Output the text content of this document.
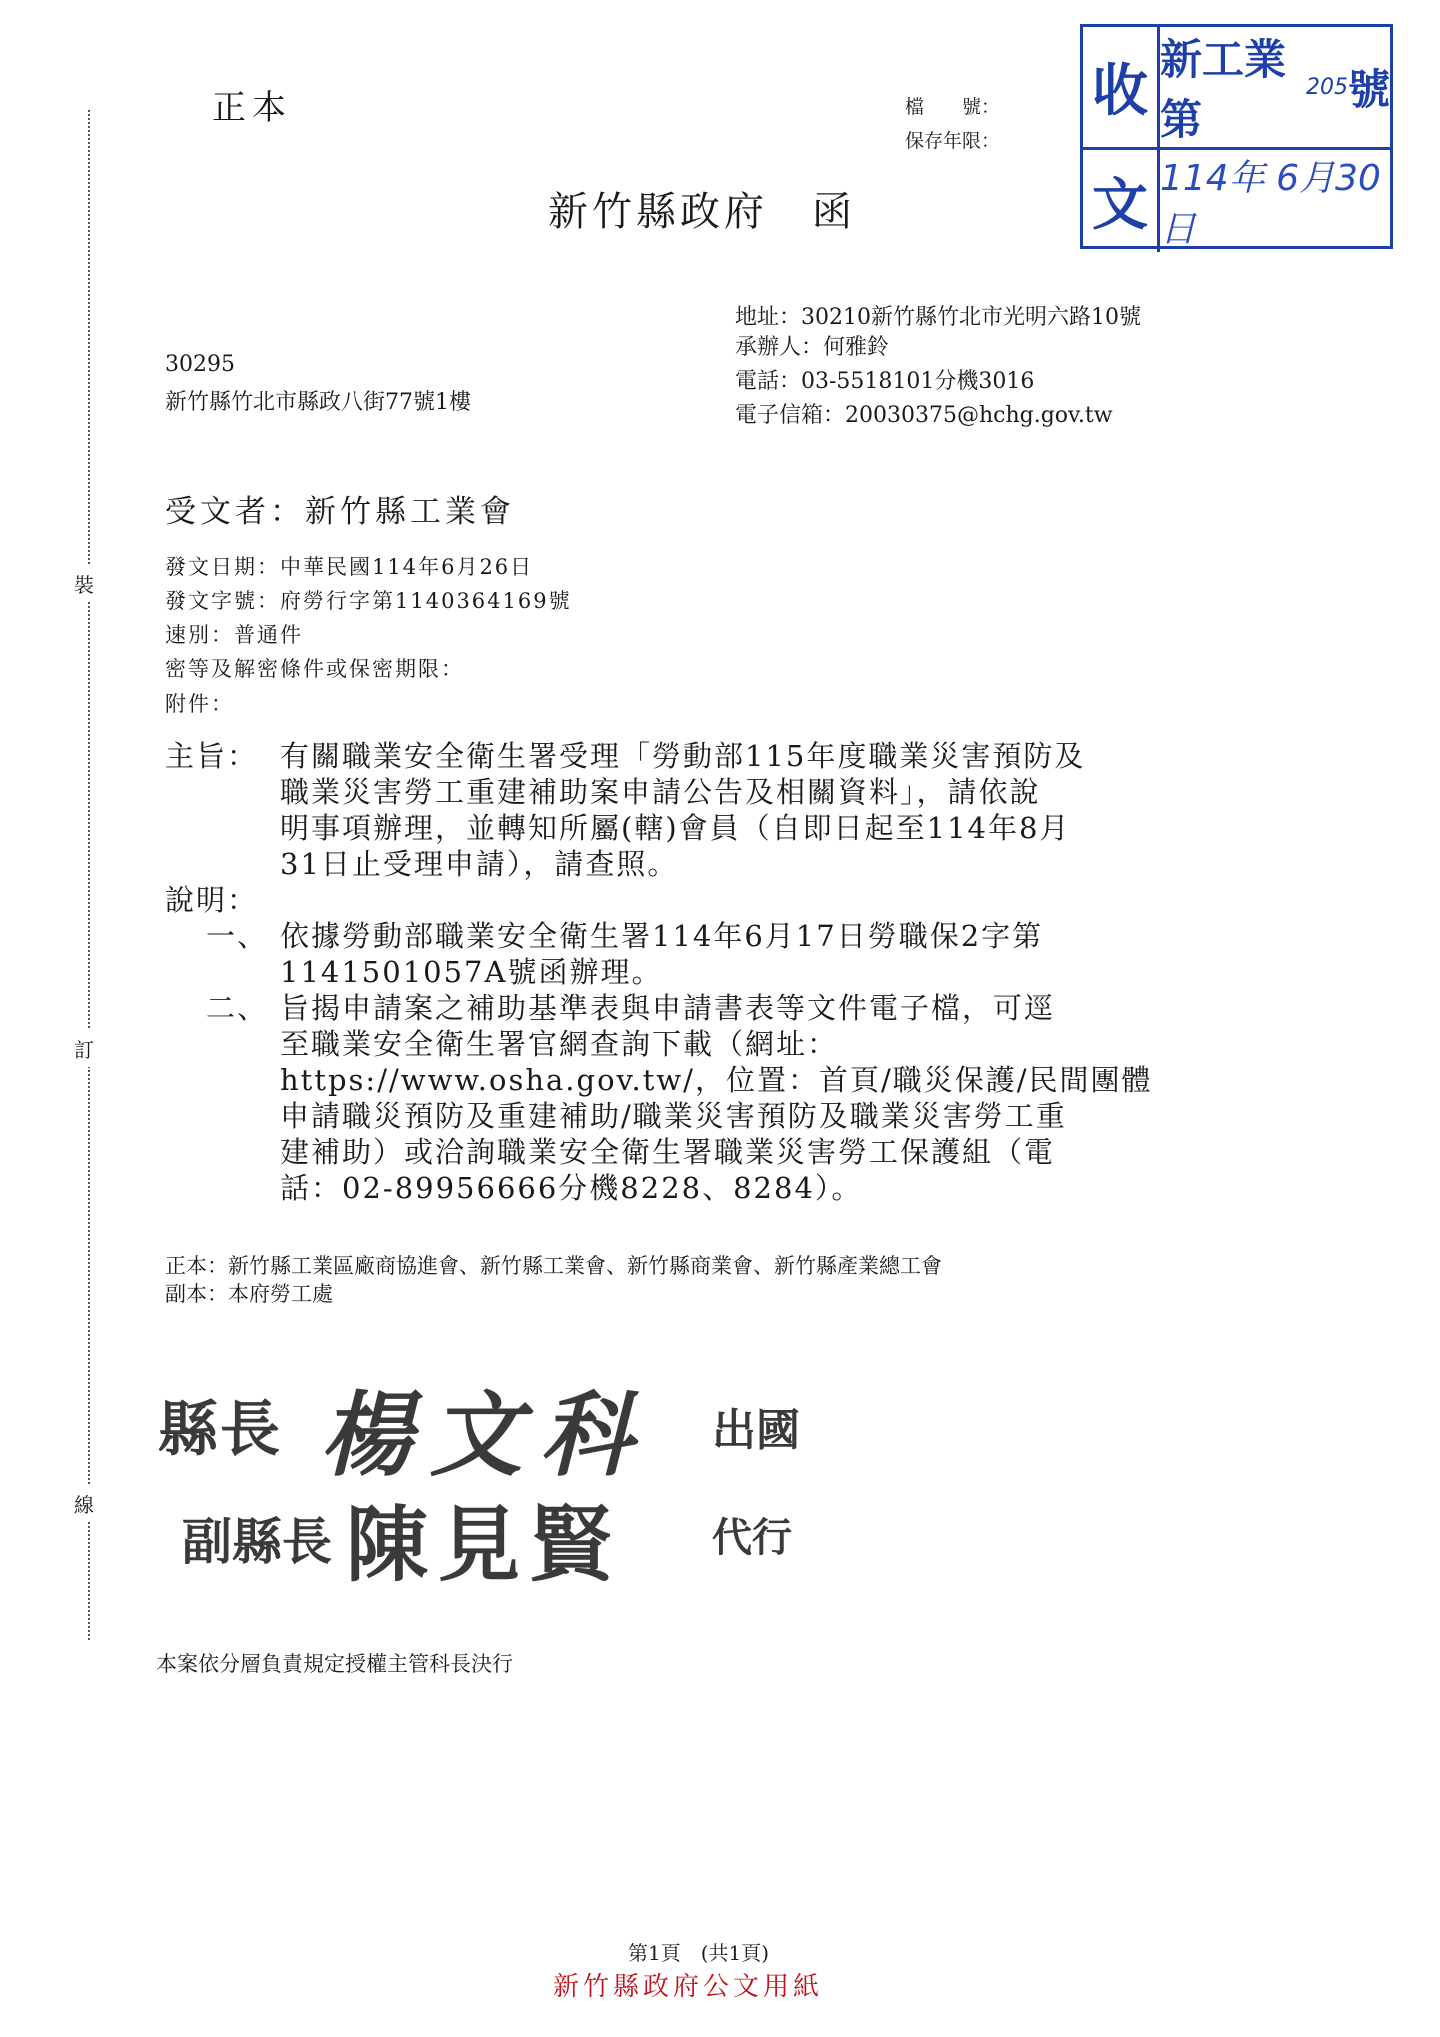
裝
訂
線
正本	檔　　號：
保存年限：
收 新工業第
205 號
文 114年 6月30日
新竹縣政府　函
地址：30210新竹縣竹北市光明六路10號
承辦人：何雅鈴
電話：03-5518101分機3016
電子信箱：20030375@hchg.gov.tw
30295
新竹縣竹北市縣政八街77號1樓
受文者：新竹縣工業會
發文日期：中華民國114年6月26日
發文字號：府勞行字第1140364169號
速別：普通件
密等及解密條件或保密期限：
附件：
主旨： 有關職業安全衛生署受理「勞動部115年度職業災害預防及
職業災害勞工重建補助案申請公告及相關資料」，請依說
明事項辦理，並轉知所屬(轄)會員（自即日起至114年8月
31日止受理申請），請查照。
說明：
一、 依據勞動部職業安全衛生署114年6月17日勞職保2字第
1141501057A號函辦理。
二、 旨揭申請案之補助基準表與申請書表等文件電子檔，可逕
至職業安全衛生署官網查詢下載（網址：
https://www.osha.gov.tw/，位置：首頁/職災保護/民間團體
申請職災預防及重建補助/職業災害預防及職業災害勞工重
建補助）或洽詢職業安全衛生署職業災害勞工保護組（電
話：02-89956666分機8228、8284）。
正本：新竹縣工業區廠商協進會、新竹縣工業會、新竹縣商業會、新竹縣產業總工會
副本：本府勞工處
縣長 楊文科 出國
副縣長 陳見賢 代行
本案依分層負責規定授權主管科長決行
第1頁　(共1頁)
新竹縣政府公文用紙
